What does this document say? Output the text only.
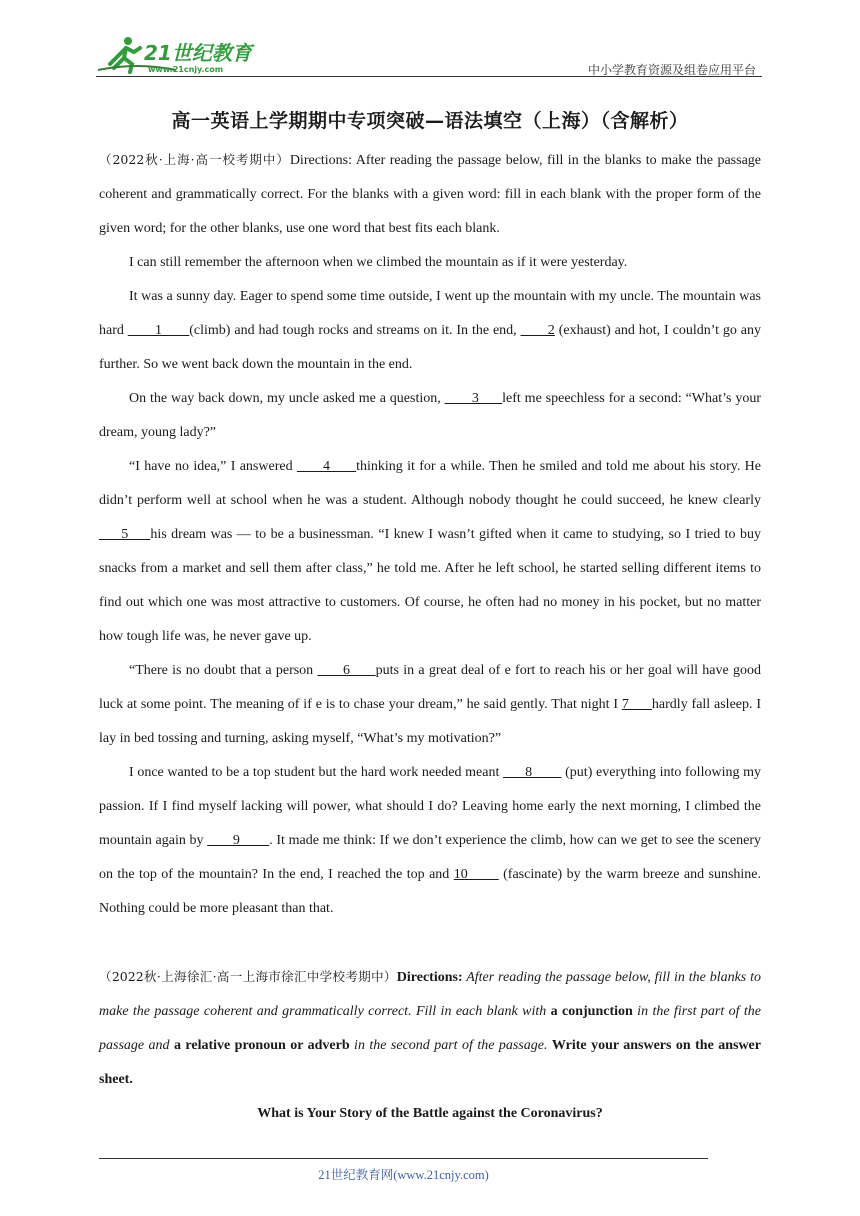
21世纪教育
www.21cnjy.com	中小学教育资源及组卷应用平台
高一英语上学期期中专项突破—语法填空（上海）（含解析）

（2022秋·上海·高一校考期中）Directions: After reading the passage below, fill in the blanks to make the passage coherent and grammatically correct. For the blanks with a given word: fill in each blank with the proper form of the given word; for the other blanks, use one word that best fits each blank.

I can still remember the afternoon when we climbed the mountain as if it were yesterday.

It was a sunny day. Eager to spend some time outside, I went up the mountain with my uncle. The mountain was hard        1       (climb) and had tough rocks and streams on it. In the end,        2 (exhaust) and hot, I couldn’t go any further. So we went back down the mountain in the end.

On the way back down, my uncle asked me a question,        3      left me speechless for a second: “What’s your dream, young lady?”

“I have no idea,” I answered       4      thinking it for a while. Then he smiled and told me about his story. He didn’t perform well at school when he was a student. Although nobody thought he could succeed, he knew clearly      5     his dream was — to be a businessman. “I knew I wasn’t gifted when it came to studying, so I tried to buy snacks from a market and sell them after class,” he told me. After he left school, he started selling different items to find out which one was most attractive to customers. Of course, he often had no money in his pocket, but no matter how tough life was, he never gave up.

“There is no doubt that a person       6      puts in a great deal of e fort to reach his or her goal will have good luck at some point. The meaning of if e is to chase your dream,” he said gently. That night I 7      hardly fall asleep. I lay in bed tossing and turning, asking myself, “What’s my motivation?”

I once wanted to be a top student but the hard work needed meant       8         (put) everything into following my passion. If I find myself lacking will power, what should I do? Leaving home early the next morning, I climbed the mountain again by        9        . It made me think: If we don’t experience the climb, how can we get to see the scenery on the top of the mountain? In the end, I reached the top and 10        (fascinate) by the warm breeze and sunshine. Nothing could be more pleasant than that.

（2022秋·上海徐汇·高一上海市徐汇中学校考期中）Directions: After reading the passage below, fill in the blanks to make the passage coherent and grammatically correct. Fill in each blank with a conjunction in the first part of the passage and a relative pronoun or adverb in the second part of the passage. Write your answers on the answer sheet.

What is Your Story of the Battle against the Coronavirus?

21世纪教育网(www.21cnjy.com)
